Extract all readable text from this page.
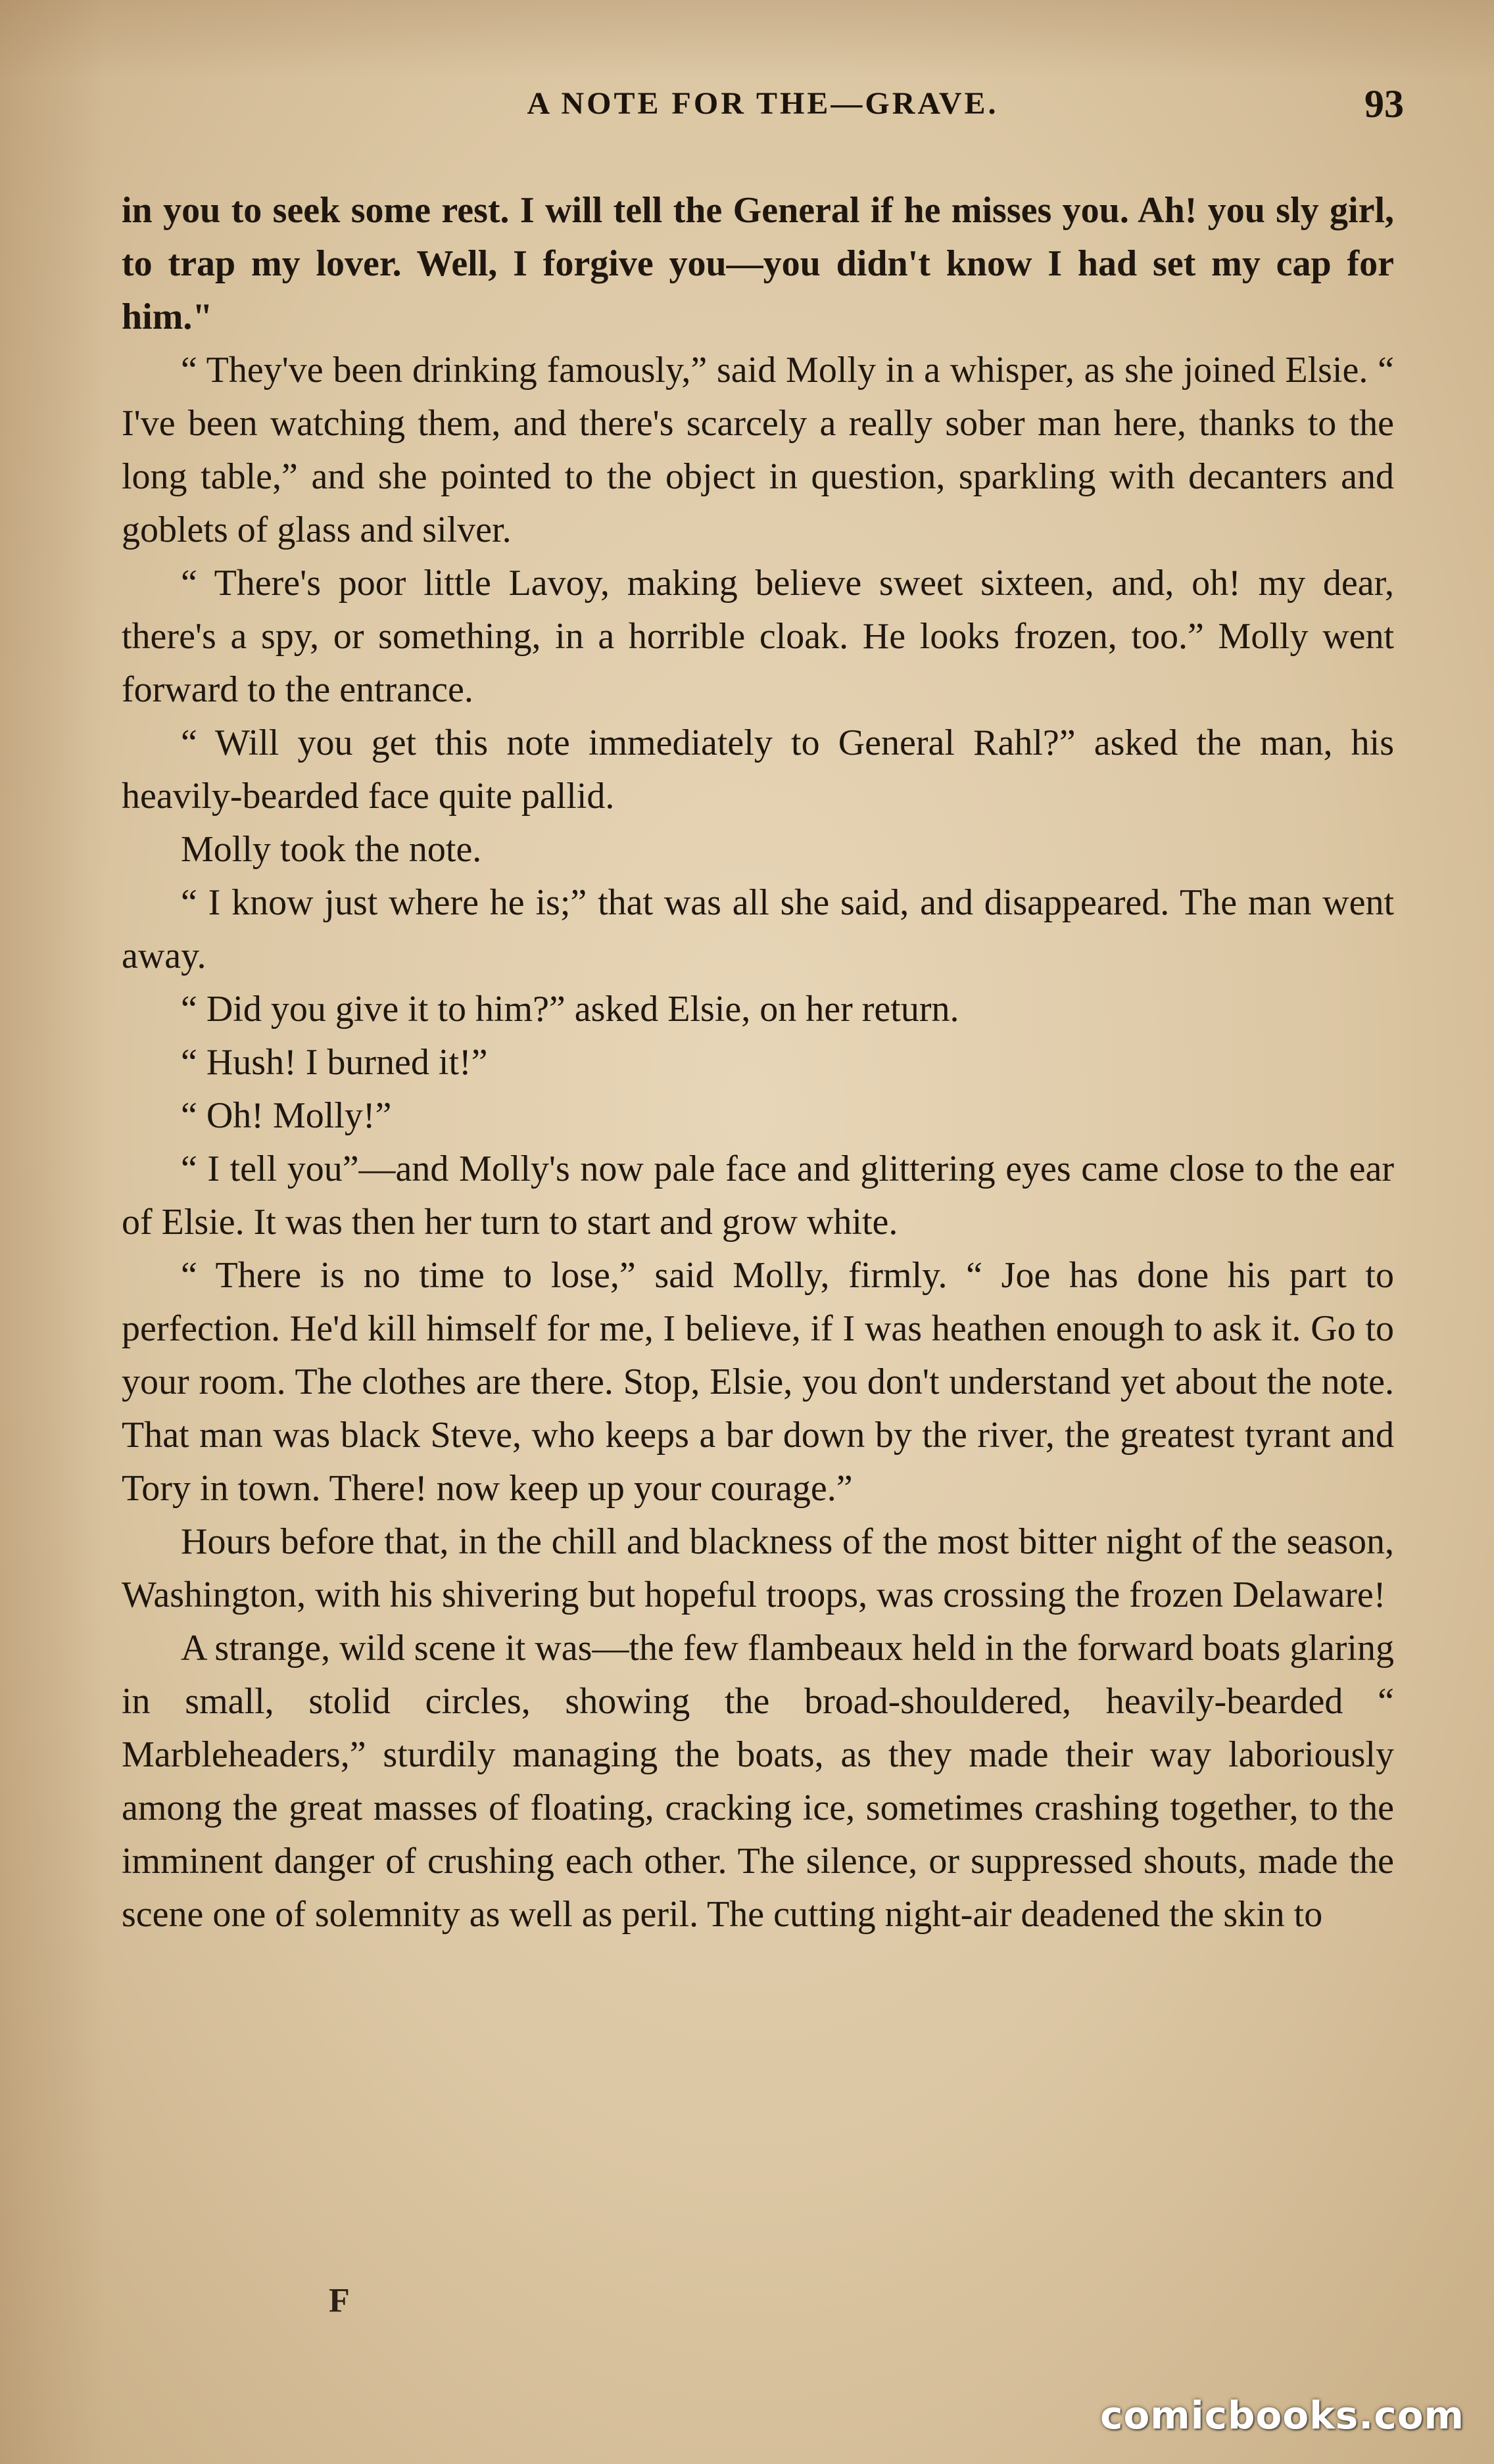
A NOTE FOR THE—GRAVE.	93

in you to seek some rest. I will tell the General if he misses you. Ah! you sly girl, to trap my lover. Well, I forgive you—you didn't know I had set my cap for him."

“ They've been drinking famously,” said Molly in a whisper, as she joined Elsie. “ I've been watching them, and there's scarcely a really sober man here, thanks to the long table,” and she pointed to the object in question, sparkling with decanters and goblets of glass and silver.

“ There's poor little Lavoy, making believe sweet sixteen, and, oh! my dear, there's a spy, or something, in a horrible cloak. He looks frozen, too.” Molly went forward to the entrance.

“ Will you get this note immediately to General Rahl?” asked the man, his heavily-bearded face quite pallid.

Molly took the note.

“ I know just where he is;” that was all she said, and disappeared. The man went away.

“ Did you give it to him?” asked Elsie, on her return.

“ Hush! I burned it!”

“ Oh! Molly!”

“ I tell you”—and Molly's now pale face and glittering eyes came close to the ear of Elsie. It was then her turn to start and grow white.

“ There is no time to lose,” said Molly, firmly. “ Joe has done his part to perfection. He'd kill himself for me, I believe, if I was heathen enough to ask it. Go to your room. The clothes are there. Stop, Elsie, you don't understand yet about the note. That man was black Steve, who keeps a bar down by the river, the greatest tyrant and Tory in town. There! now keep up your courage.”

Hours before that, in the chill and blackness of the most bitter night of the season, Washington, with his shivering but hopeful troops, was crossing the frozen Delaware!

A strange, wild scene it was—the few flambeaux held in the forward boats glaring in small, stolid circles, showing the broad-shouldered, heavily-bearded “ Marbleheaders,” sturdily managing the boats, as they made their way laboriously among the great masses of floating, cracking ice, sometimes crashing together, to the imminent danger of crushing each other. The silence, or suppressed shouts, made the scene one of solemnity as well as peril. The cutting night-air deadened the skin to

F
comicbooks.com
